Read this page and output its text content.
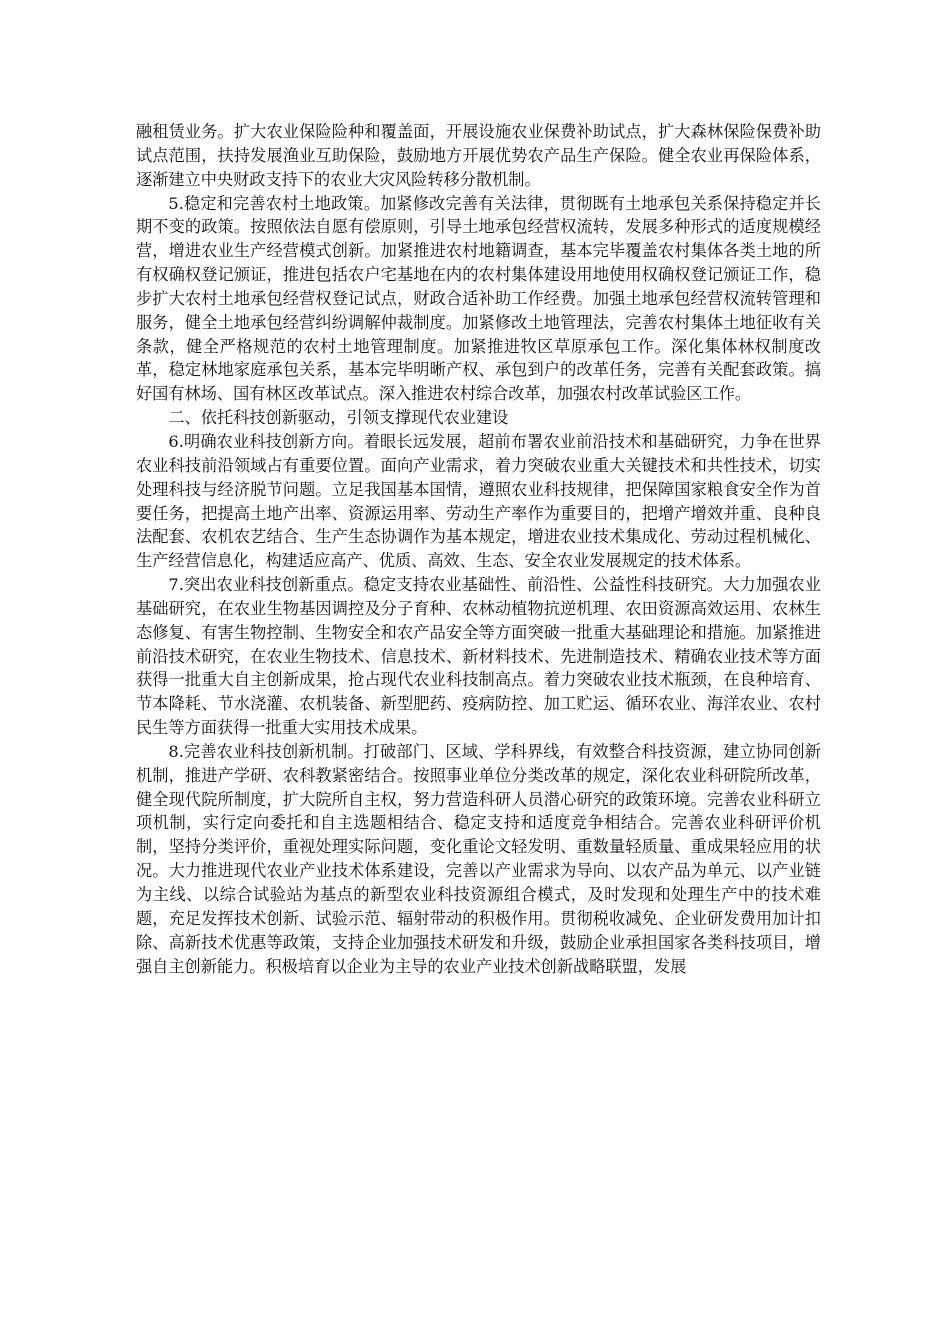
融租赁业务。扩大农业保险险种和覆盖面，开展设施农业保费补助试点，扩大森林保险保费补助试点范围，扶持发展渔业互助保险，鼓励地方开展优势农产品生产保险。健全农业再保险体系，逐渐建立中央财政支持下的农业大灾风险转移分散机制。

5.稳定和完善农村土地政策。加紧修改完善有关法律，贯彻既有土地承包关系保持稳定并长期不变的政策。按照依法自愿有偿原则，引导土地承包经营权流转，发展多种形式的适度规模经营，增进农业生产经营模式创新。加紧推进农村地籍调查，基本完毕覆盖农村集体各类土地的所有权确权登记颁证，推进包括农户宅基地在内的农村集体建设用地使用权确权登记颁证工作，稳步扩大农村土地承包经营权登记试点，财政合适补助工作经费。加强土地承包经营权流转管理和服务，健全土地承包经营纠纷调解仲裁制度。加紧修改土地管理法，完善农村集体土地征收有关条款，健全严格规范的农村土地管理制度。加紧推进牧区草原承包工作。深化集体林权制度改革，稳定林地家庭承包关系，基本完毕明晰产权、承包到户的改革任务，完善有关配套政策。搞好国有林场、国有林区改革试点。深入推进农村综合改革，加强农村改革试验区工作。

二、依托科技创新驱动，引领支撑现代农业建设

6.明确农业科技创新方向。着眼长远发展，超前布署农业前沿技术和基础研究，力争在世界农业科技前沿领域占有重要位置。面向产业需求，着力突破农业重大关键技术和共性技术，切实处理科技与经济脱节问题。立足我国基本国情，遵照农业科技规律，把保障国家粮食安全作为首要任务，把提高土地产出率、资源运用率、劳动生产率作为重要目的，把增产增效并重、良种良法配套、农机农艺结合、生产生态协调作为基本规定，增进农业技术集成化、劳动过程机械化、生产经营信息化，构建适应高产、优质、高效、生态、安全农业发展规定的技术体系。

7.突出农业科技创新重点。稳定支持农业基础性、前沿性、公益性科技研究。大力加强农业基础研究，在农业生物基因调控及分子育种、农林动植物抗逆机理、农田资源高效运用、农林生态修复、有害生物控制、生物安全和农产品安全等方面突破一批重大基础理论和措施。加紧推进前沿技术研究，在农业生物技术、信息技术、新材料技术、先进制造技术、精确农业技术等方面获得一批重大自主创新成果，抢占现代农业科技制高点。着力突破农业技术瓶颈，在良种培育、节本降耗、节水浇灌、农机装备、新型肥药、疫病防控、加工贮运、循环农业、海洋农业、农村民生等方面获得一批重大实用技术成果。

8.完善农业科技创新机制。打破部门、区域、学科界线，有效整合科技资源，建立协同创新机制，推进产学研、农科教紧密结合。按照事业单位分类改革的规定，深化农业科研院所改革，健全现代院所制度，扩大院所自主权，努力营造科研人员潜心研究的政策环境。完善农业科研立项机制，实行定向委托和自主选题相结合、稳定支持和适度竞争相结合。完善农业科研评价机制，坚持分类评价，重视处理实际问题，变化重论文轻发明、重数量轻质量、重成果轻应用的状况。大力推进现代农业产业技术体系建设，完善以产业需求为导向、以农产品为单元、以产业链为主线、以综合试验站为基点的新型农业科技资源组合模式，及时发现和处理生产中的技术难题，充足发挥技术创新、试验示范、辐射带动的积极作用。贯彻税收减免、企业研发费用加计扣除、高新技术优惠等政策，支持企业加强技术研发和升级，鼓励企业承担国家各类科技项目，增强自主创新能力。积极培育以企业为主导的农业产业技术创新战略联盟，发展
